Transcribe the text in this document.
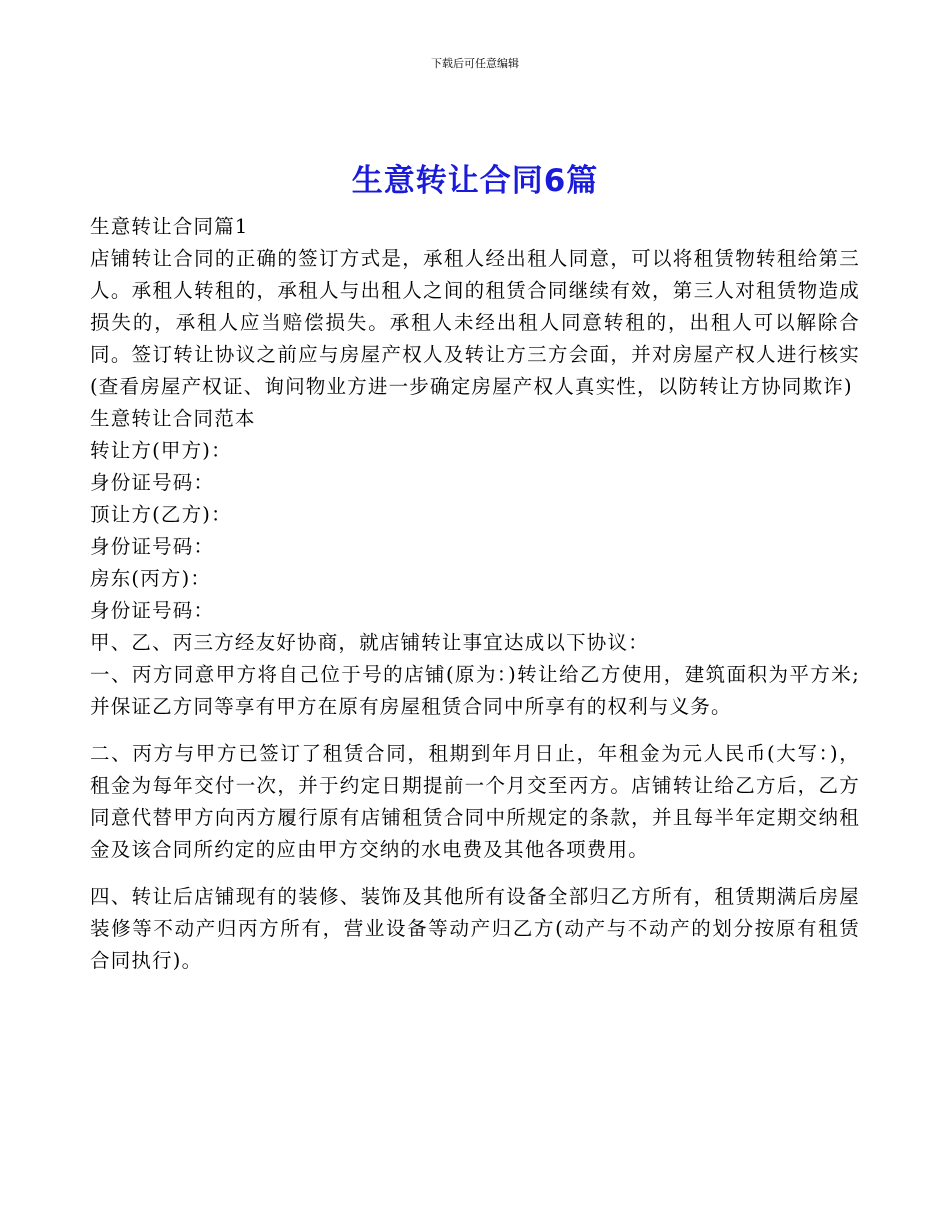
下载后可任意编辑
生意转让合同6篇

生意转让合同篇1

店铺转让合同的正确的签订方式是，承租人经出租人同意，可以将租赁物转租给第三人。承租人转租的，承租人与出租人之间的租赁合同继续有效，第三人对租赁物造成损失的，承租人应当赔偿损失。承租人未经出租人同意转租的，出租人可以解除合同。签订转让协议之前应与房屋产权人及转让方三方会面，并对房屋产权人进行核实(查看房屋产权证、询问物业方进一步确定房屋产权人真实性，以防转让方协同欺诈)

生意转让合同范本

转让方(甲方)：

身份证号码：

顶让方(乙方)：

身份证号码：

房东(丙方)：

身份证号码：

甲、乙、丙三方经友好协商，就店铺转让事宜达成以下协议：

一、丙方同意甲方将自己位于号的店铺(原为：)转让给乙方使用，建筑面积为平方米;并保证乙方同等享有甲方在原有房屋租赁合同中所享有的权利与义务。

二、丙方与甲方已签订了租赁合同，租期到年月日止，年租金为元人民币(大写：)，租金为每年交付一次，并于约定日期提前一个月交至丙方。店铺转让给乙方后，乙方同意代替甲方向丙方履行原有店铺租赁合同中所规定的条款，并且每半年定期交纳租金及该合同所约定的应由甲方交纳的水电费及其他各项费用。

四、转让后店铺现有的装修、装饰及其他所有设备全部归乙方所有，租赁期满后房屋装修等不动产归丙方所有，营业设备等动产归乙方(动产与不动产的划分按原有租赁合同执行)。
